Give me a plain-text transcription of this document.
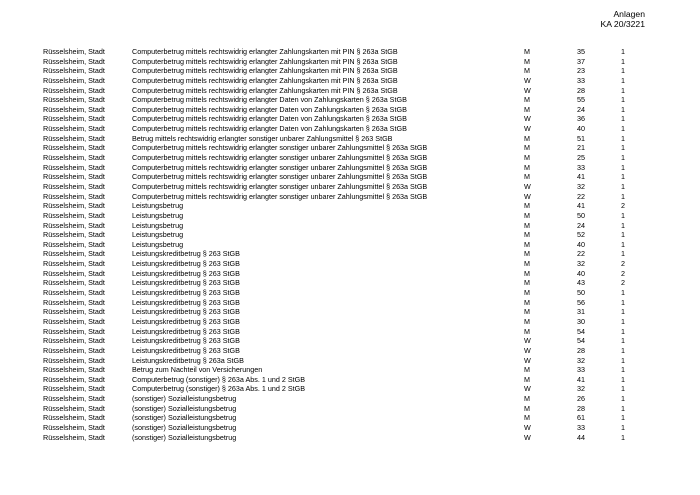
Anlagen
KA 20/3221
Rüsselsheim, Stadt	Computerbetrug mittels rechtswidrig erlangter Zahlungskarten mit PIN § 263a StGB	M	35	1
Rüsselsheim, Stadt	Computerbetrug mittels rechtswidrig erlangter Zahlungskarten mit PIN § 263a StGB	M	37	1
Rüsselsheim, Stadt	Computerbetrug mittels rechtswidrig erlangter Zahlungskarten mit PIN § 263a StGB	M	23	1
Rüsselsheim, Stadt	Computerbetrug mittels rechtswidrig erlangter Zahlungskarten mit PIN § 263a StGB	W	33	1
Rüsselsheim, Stadt	Computerbetrug mittels rechtswidrig erlangter Zahlungskarten mit PIN § 263a StGB	W	28	1
Rüsselsheim, Stadt	Computerbetrug mittels rechtswidrig erlangter Daten von Zahlungskarten § 263a StGB	M	55	1
Rüsselsheim, Stadt	Computerbetrug mittels rechtswidrig erlangter Daten von Zahlungskarten § 263a StGB	M	24	1
Rüsselsheim, Stadt	Computerbetrug mittels rechtswidrig erlangter Daten von Zahlungskarten § 263a StGB	W	36	1
Rüsselsheim, Stadt	Computerbetrug mittels rechtswidrig erlangter Daten von Zahlungskarten § 263a StGB	W	40	1
Rüsselsheim, Stadt	Betrug mittels rechtswidrig erlangter sonstiger unbarer Zahlungsmittel § 263 StGB	M	51	1
Rüsselsheim, Stadt	Computerbetrug mittels rechtswidrig erlangter sonstiger unbarer Zahlungsmittel § 263a StGB	M	21	1
Rüsselsheim, Stadt	Computerbetrug mittels rechtswidrig erlangter sonstiger unbarer Zahlungsmittel § 263a StGB	M	25	1
Rüsselsheim, Stadt	Computerbetrug mittels rechtswidrig erlangter sonstiger unbarer Zahlungsmittel § 263a StGB	M	33	1
Rüsselsheim, Stadt	Computerbetrug mittels rechtswidrig erlangter sonstiger unbarer Zahlungsmittel § 263a StGB	M	41	1
Rüsselsheim, Stadt	Computerbetrug mittels rechtswidrig erlangter sonstiger unbarer Zahlungsmittel § 263a StGB	W	32	1
Rüsselsheim, Stadt	Computerbetrug mittels rechtswidrig erlangter sonstiger unbarer Zahlungsmittel § 263a StGB	W	22	1
Rüsselsheim, Stadt	Leistungsbetrug	M	41	2
Rüsselsheim, Stadt	Leistungsbetrug	M	50	1
Rüsselsheim, Stadt	Leistungsbetrug	M	24	1
Rüsselsheim, Stadt	Leistungsbetrug	M	52	1
Rüsselsheim, Stadt	Leistungsbetrug	M	40	1
Rüsselsheim, Stadt	Leistungskreditbetrug § 263 StGB	M	22	1
Rüsselsheim, Stadt	Leistungskreditbetrug § 263 StGB	M	32	2
Rüsselsheim, Stadt	Leistungskreditbetrug § 263 StGB	M	40	2
Rüsselsheim, Stadt	Leistungskreditbetrug § 263 StGB	M	43	2
Rüsselsheim, Stadt	Leistungskreditbetrug § 263 StGB	M	50	1
Rüsselsheim, Stadt	Leistungskreditbetrug § 263 StGB	M	56	1
Rüsselsheim, Stadt	Leistungskreditbetrug § 263 StGB	M	31	1
Rüsselsheim, Stadt	Leistungskreditbetrug § 263 StGB	M	30	1
Rüsselsheim, Stadt	Leistungskreditbetrug § 263 StGB	M	54	1
Rüsselsheim, Stadt	Leistungskreditbetrug § 263 StGB	W	54	1
Rüsselsheim, Stadt	Leistungskreditbetrug § 263 StGB	W	28	1
Rüsselsheim, Stadt	Leistungskreditbetrug § 263a StGB	W	32	1
Rüsselsheim, Stadt	Betrug zum Nachteil von Versicherungen	M	33	1
Rüsselsheim, Stadt	Computerbetrug (sonstiger) § 263a Abs. 1 und 2 StGB	M	41	1
Rüsselsheim, Stadt	Computerbetrug (sonstiger) § 263a Abs. 1 und 2 StGB	W	32	1
Rüsselsheim, Stadt	(sonstiger) Sozialleistungsbetrug	M	26	1
Rüsselsheim, Stadt	(sonstiger) Sozialleistungsbetrug	M	28	1
Rüsselsheim, Stadt	(sonstiger) Sozialleistungsbetrug	M	61	1
Rüsselsheim, Stadt	(sonstiger) Sozialleistungsbetrug	W	33	1
Rüsselsheim, Stadt	(sonstiger) Sozialleistungsbetrug	W	44	1
